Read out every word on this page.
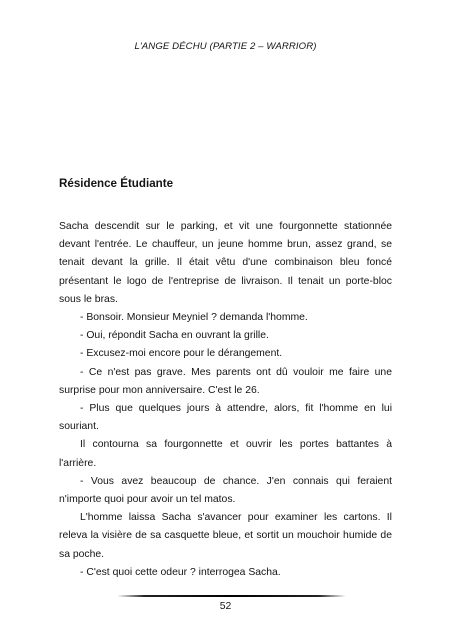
L'ANGE DÉCHU (PARTIE 2 – WARRIOR)
Résidence Étudiante

Sacha descendit sur le parking, et vit une fourgonnette stationnée devant l'entrée. Le chauffeur, un jeune homme brun, assez grand, se tenait devant la grille. Il était vêtu d'une combinaison bleu foncé présentant le logo de l'entreprise de livraison. Il tenait un porte-bloc sous le bras.

- Bonsoir. Monsieur Meyniel ? demanda l'homme.

- Oui, répondit Sacha en ouvrant la grille.

- Excusez-moi encore pour le dérangement.

- Ce n'est pas grave. Mes parents ont dû vouloir me faire une surprise pour mon anniversaire. C'est le 26.

- Plus que quelques jours à attendre, alors, fit l'homme en lui souriant.

Il contourna sa fourgonnette et ouvrir les portes battantes à l'arrière.

- Vous avez beaucoup de chance. J'en connais qui feraient n'importe quoi pour avoir un tel matos.

L'homme laissa Sacha s'avancer pour examiner les cartons. Il releva la visière de sa casquette bleue, et sortit un mouchoir humide de sa poche.

- C'est quoi cette odeur ? interrogea Sacha.

52
